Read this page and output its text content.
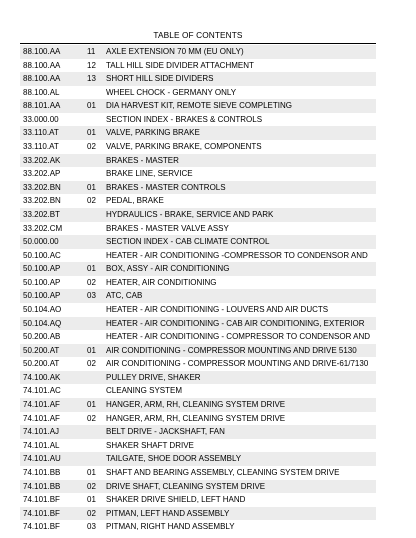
TABLE OF CONTENTS
88.100.AA	11	AXLE EXTENSION 70 MM (EU ONLY)
88.100.AA	12	TALL HILL SIDE DIVIDER ATTACHMENT
88.100.AA	13	SHORT HILL SIDE DIVIDERS
88.100.AL	WHEEL CHOCK - GERMANY ONLY
88.101.AA	01	DIA HARVEST KIT, REMOTE SIEVE COMPLETING
33.000.00	SECTION INDEX - BRAKES & CONTROLS
33.110.AT	01	VALVE, PARKING BRAKE
33.110.AT	02	VALVE, PARKING BRAKE, COMPONENTS
33.202.AK	BRAKES - MASTER
33.202.AP	BRAKE LINE, SERVICE
33.202.BN	01	BRAKES - MASTER CONTROLS
33.202.BN	02	PEDAL, BRAKE
33.202.BT	HYDRAULICS - BRAKE, SERVICE AND PARK
33.202.CM	BRAKES - MASTER VALVE ASSY
50.000.00	SECTION INDEX - CAB CLIMATE CONTROL
50.100.AC	HEATER - AIR CONDITIONING -COMPRESSOR TO CONDENSOR AND
50.100.AP	01	BOX, ASSY - AIR CONDITIONING
50.100.AP	02	HEATER, AIR CONDITIONING
50.100.AP	03	ATC, CAB
50.104.AO	HEATER - AIR CONDITIONING - LOUVERS AND AIR DUCTS
50.104.AQ	HEATER - AIR CONDITIONING - CAB AIR CONDITIONING, EXTERIOR
50.200.AB	HEATER - AIR CONDITIONING - COMPRESSOR TO CONDENSOR AND
50.200.AT	01	AIR CONDITIONING - COMPRESSOR MOUNTING AND DRIVE 5130
50.200.AT	02	AIR CONDITIONING - COMPRESSOR MOUNTING AND DRIVE-61/7130
74.100.AK	PULLEY DRIVE, SHAKER
74.101.AC	CLEANING SYSTEM
74.101.AF	01	HANGER, ARM, RH, CLEANING SYSTEM DRIVE
74.101.AF	02	HANGER, ARM, RH, CLEANING SYSTEM DRIVE
74.101.AJ	BELT DRIVE - JACKSHAFT, FAN
74.101.AL	SHAKER SHAFT DRIVE
74.101.AU	TAILGATE, SHOE DOOR ASSEMBLY
74.101.BB	01	SHAFT AND BEARING ASSEMBLY, CLEANING SYSTEM DRIVE
74.101.BB	02	DRIVE SHAFT, CLEANING SYSTEM DRIVE
74.101.BF	01	SHAKER DRIVE SHIELD, LEFT HAND
74.101.BF	02	PITMAN, LEFT HAND ASSEMBLY
74.101.BF	03	PITMAN, RIGHT HAND ASSEMBLY
